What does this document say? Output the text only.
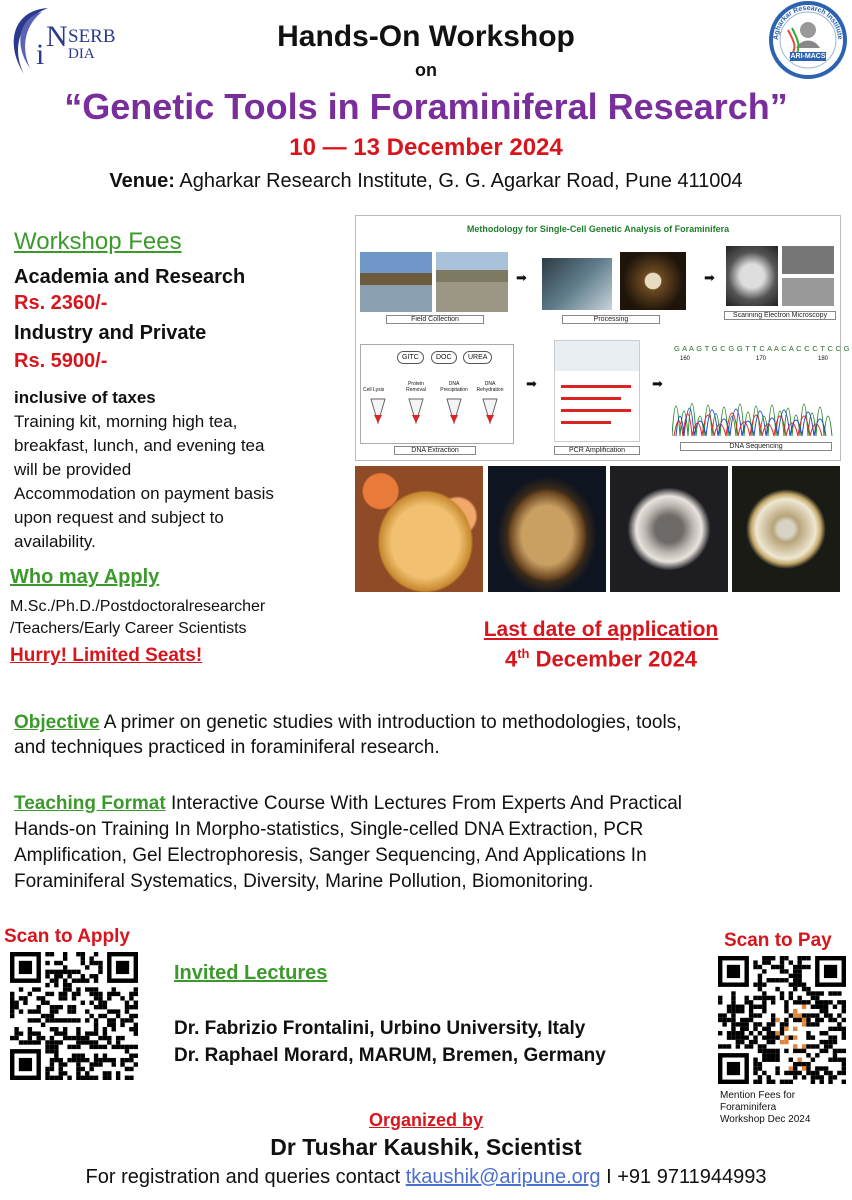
i
N SERB
DIA
Agharkar Research Institute
ARI-MACS
Hands-On Workshop
on
“Genetic Tools in Foraminiferal Research”
10 — 13 December 2024
Venue: Agharkar Research Institute, G. G. Agarkar Road, Pune 411004
Workshop Fees
Academia and Research
Rs. 2360/-
Industry and Private
Rs. 5900/-
inclusive of taxes
Training kit, morning high tea,
breakfast, lunch, and evening tea
will be provided
Accommodation on payment basis
upon request and subject to
availability.
Who may Apply
M.Sc./Ph.D./Postdoctoralresearcher
/Teachers/Early Career Scientists
Hurry! Limited Seats!
Methodology for Single-Cell Genetic Analysis of Foraminifera
Field Collection
➡
Processing
➡
Scanning Electron Microscopy
GITC	DOC	UREA
Cell Lysis
Protein Removal
DNA Precipitation
DNA Rehydration
DNA Extraction
➡
PCR Amplification
➡
G A A G T G C G G T T C A A C A C C C T C C G
160	170	180
DNA Sequencing
Last date of application
4th December 2024
Objective A primer on genetic studies with introduction to methodologies, tools,
and techniques practiced in foraminiferal research.
Teaching Format Interactive Course With Lectures From Experts And Practical
Hands-on Training In Morpho-statistics, Single-celled DNA Extraction, PCR
Amplification, Gel Electrophoresis, Sanger Sequencing, And Applications In
Foraminiferal Systematics, Diversity, Marine Pollution, Biomonitoring.
Scan to Apply
Invited Lectures
Dr. Fabrizio Frontalini, Urbino University, Italy
Dr. Raphael Morard, MARUM, Bremen, Germany
Scan to Pay
Mention Fees for
Foraminifera
Workshop Dec 2024
Organized by
Dr Tushar Kaushik, Scientist
For registration and queries contact tkaushik@aripune.org I +91 9711944993
